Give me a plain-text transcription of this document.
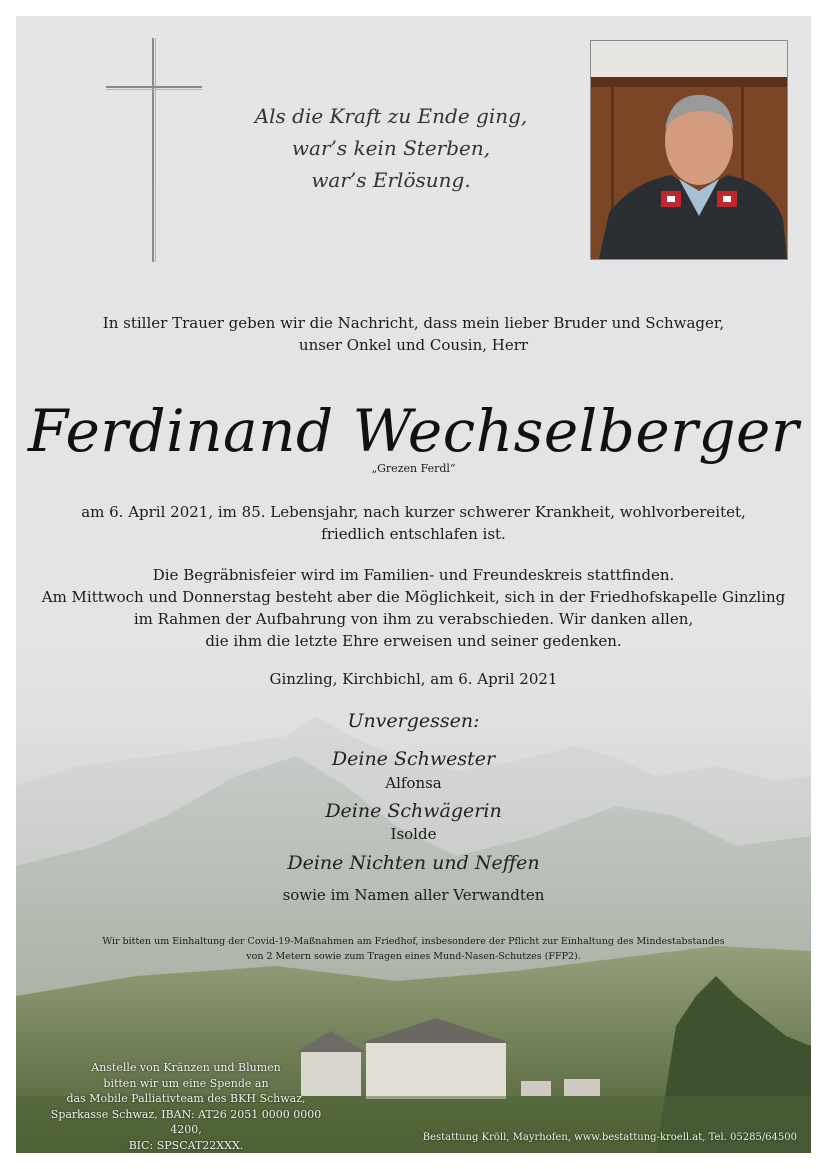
Als die Kraft zu Ende ging,
war’s kein Sterben,
war’s Erlösung.
In stiller Trauer geben wir die Nachricht, dass mein lieber Bruder und Schwager,
unser Onkel und Cousin, Herr
Ferdinand Wechselberger
„Grezen Ferdl“
am 6. April 2021, im 85. Lebensjahr, nach kurzer schwerer Krankheit, wohlvorbereitet,
friedlich entschlafen ist.
Die Begräbnisfeier wird im Familien- und Freundeskreis stattfinden.
Am Mittwoch und Donnerstag besteht aber die Möglichkeit, sich in der Friedhofskapelle Ginzling
im Rahmen der Aufbahrung von ihm zu verabschieden. Wir danken allen,
die ihm die letzte Ehre erweisen und seiner gedenken.
Ginzling, Kirchbichl, am 6. April 2021
Unvergessen:
Deine Schwester
Alfonsa
Deine Schwägerin
Isolde
Deine Nichten und Neffen
sowie im Namen aller Verwandten
Wir bitten um Einhaltung der Covid-19-Maßnahmen am Friedhof, insbesondere der Pflicht zur Einhaltung des Mindestabstandes
von 2 Metern sowie zum Tragen eines Mund-Nasen-Schutzes (FFP2).
Anstelle von Kränzen und Blumen
bitten wir um eine Spende an
das Mobile Palliativteam des BKH Schwaz,
Sparkasse Schwaz, IBAN: AT26 2051 0000 0000 4200,
BIC: SPSCAT22XXX.
Bestattung Kröll, Mayrhofen, www.bestattung-kroell.at, Tel. 05285/64500
